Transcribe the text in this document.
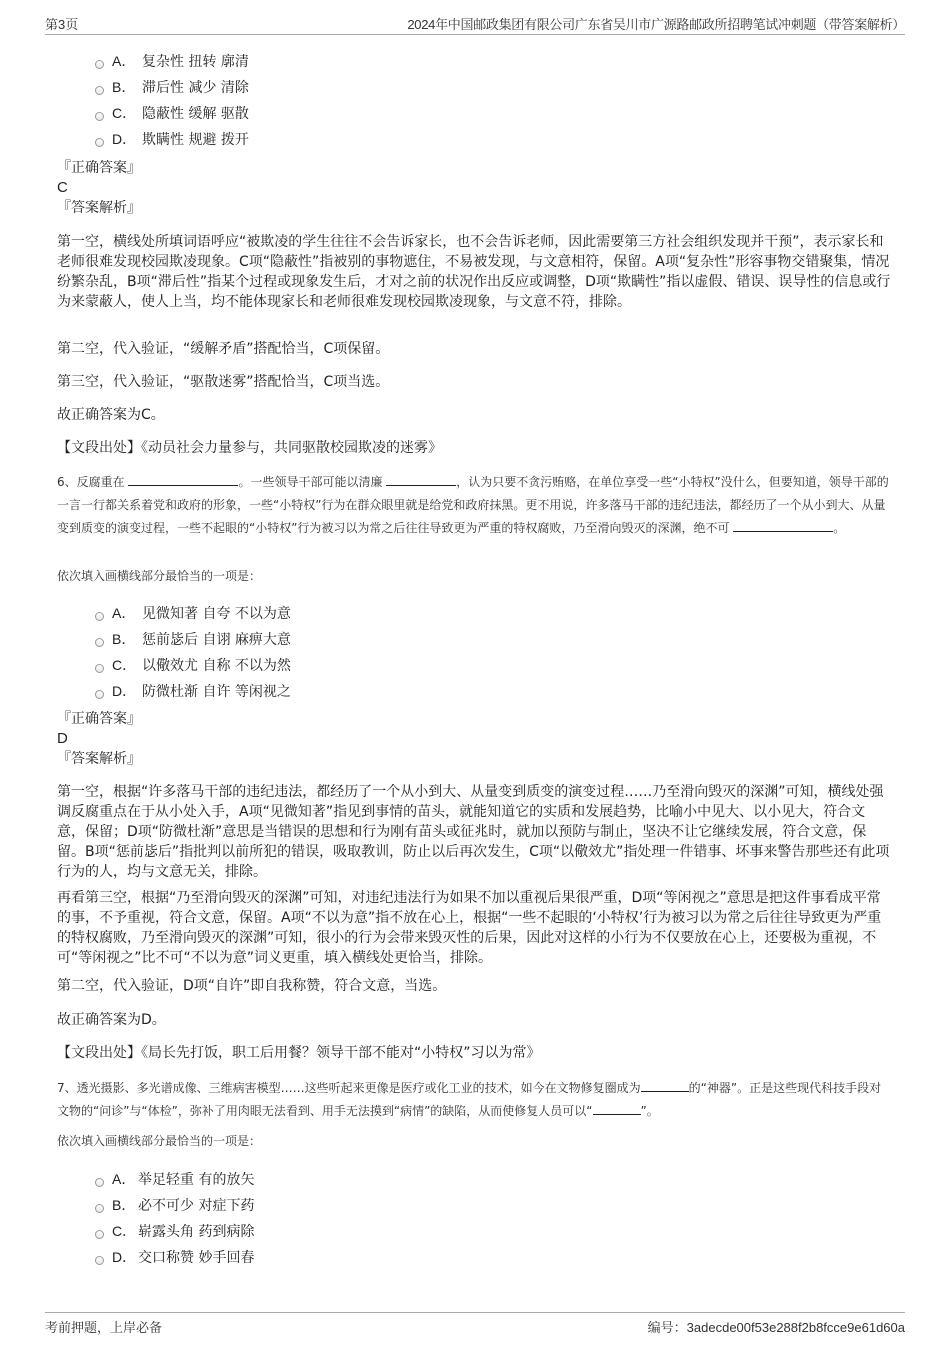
第3页	2024年中国邮政集团有限公司广东省吴川市广源路邮政所招聘笔试冲刺题（带答案解析）
A． 复杂性 扭转 廓清
B． 滞后性 减少 清除
C． 隐蔽性 缓解 驱散
D． 欺瞒性 规避 拨开
『正确答案』
C
『答案解析』
第一空，横线处所填词语呼应“被欺凌的学生往往不会告诉家长，也不会告诉老师，因此需要第三方社会组织发现并干预”，表示家长和老师很难发现校园欺凌现象。C项“隐蔽性”指被别的事物遮住，不易被发现，与文意相符，保留。A项“复杂性”形容事物交错聚集，情况纷繁杂乱，B项“滞后性”指某个过程或现象发生后，才对之前的状况作出反应或调整，D项“欺瞒性”指以虚假、错误、误导性的信息或行为来蒙蔽人，使人上当，均不能体现家长和老师很难发现校园欺凌现象，与文意不符，排除。
第二空，代入验证，“缓解矛盾”搭配恰当，C项保留。
第三空，代入验证，“驱散迷雾”搭配恰当，C项当选。
故正确答案为C。
【文段出处】《动员社会力量参与，共同驱散校园欺凌的迷雾》
6、反腐重在	。一些领导干部可能以清廉	，认为只要不贪污贿赂，在单位享受一些“小特权”没什么，但要知道，领导干部的一言一行都关系着党和政府的形象，一些“小特权”行为在群众眼里就是给党和政府抹黑。更不用说，许多落马干部的违纪违法，都经历了一个从小到大、从量变到质变的演变过程，一些不起眼的“小特权”行为被习以为常之后往往导致更为严重的特权腐败，乃至滑向毁灭的深渊，绝不可	。
依次填入画横线部分最恰当的一项是：
A． 见微知著 自夸 不以为意
B． 惩前毖后 自诩 麻痹大意
C． 以儆效尤 自称 不以为然
D． 防微杜渐 自许 等闲视之
『正确答案』
D
『答案解析』
第一空，根据“许多落马干部的违纪违法，都经历了一个从小到大、从量变到质变的演变过程……乃至滑向毁灭的深渊”可知，横线处强调反腐重点在于从小处入手，A项“见微知著”指见到事情的苗头，就能知道它的实质和发展趋势，比喻小中见大、以小见大，符合文意，保留；D项“防微杜渐”意思是当错误的思想和行为刚有苗头或征兆时，就加以预防与制止，坚决不让它继续发展，符合文意，保留。B项“惩前毖后”指批判以前所犯的错误，吸取教训，防止以后再次发生，C项“以儆效尤”指处理一件错事、坏事来警告那些还有此项行为的人，均与文意无关，排除。
再看第三空，根据“乃至滑向毁灭的深渊”可知，对违纪违法行为如果不加以重视后果很严重，D项“等闲视之”意思是把这件事看成平常的事，不予重视，符合文意，保留。A项“不以为意”指不放在心上，根据“一些不起眼的‘小特权’行为被习以为常之后往往导致更为严重的特权腐败，乃至滑向毁灭的深渊”可知，很小的行为会带来毁灭性的后果，因此对这样的小行为不仅要放在心上，还要极为重视，不可“等闲视之”比不可“不以为意”词义更重，填入横线处更恰当，排除。
第二空，代入验证，D项“自许”即自我称赞，符合文意，当选。
故正确答案为D。
【文段出处】《局长先打饭，职工后用餐？领导干部不能对“小特权”习以为常》
7、透光摄影、多光谱成像、三维病害模型……这些听起来更像是医疗或化工业的技术，如今在文物修复圈成为	的“神器”。正是这些现代科技手段对文物的“问诊”与“体检”，弥补了用肉眼无法看到、用手无法摸到“病情”的缺陷，从而使修复人员可以“	”。
依次填入画横线部分最恰当的一项是：
A． 举足轻重 有的放矢
B． 必不可少 对症下药
C． 崭露头角 药到病除
D． 交口称赞 妙手回春
考前押题，上岸必备	编号：3adecde00f53e288f2b8fcce9e61d60a
